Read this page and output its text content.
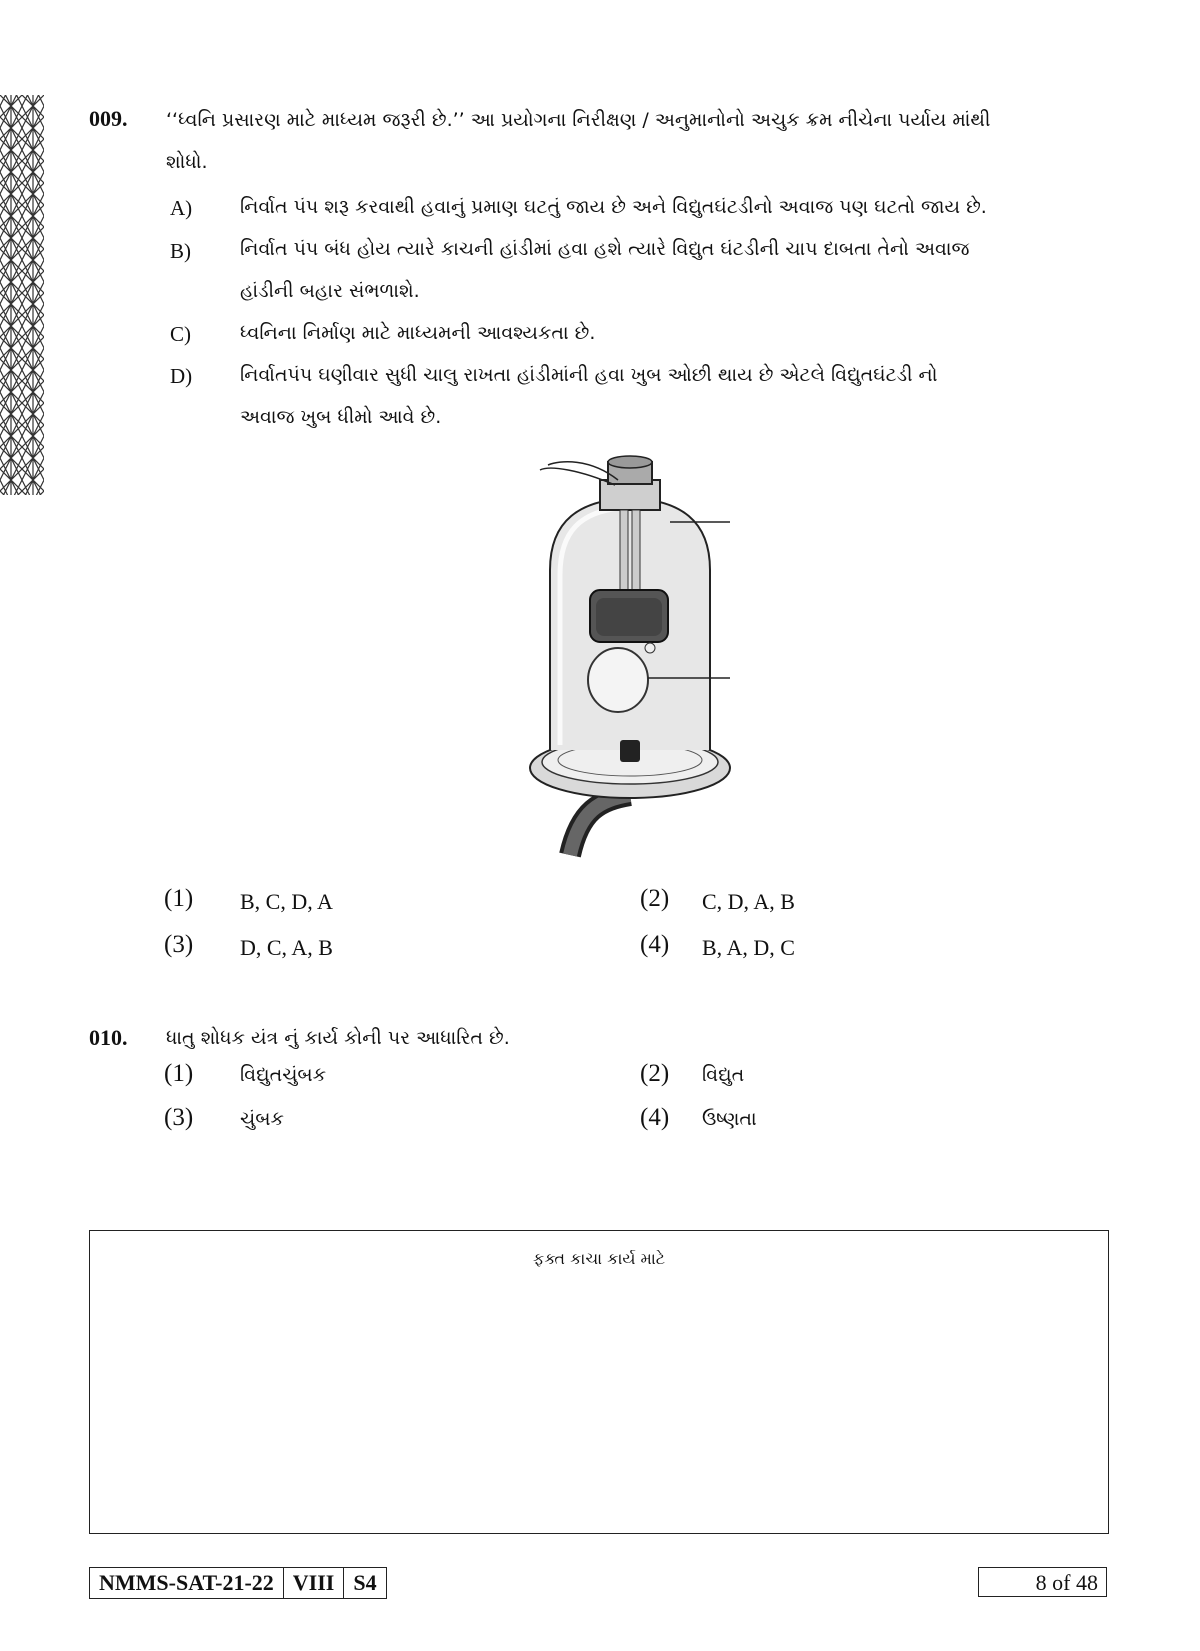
009. ‘‘ધ્વનિ પ્રસારણ માટે માધ્યમ જરૂરી છે.’’ આ પ્રયોગના નિરીક્ષણ / અનુમાનોનો અચુક ક્રમ નીચેના પર્યાય માંથી
શોધો.
A)	નિર્વાત પંપ શરૂ કરવાથી હવાનું પ્રમાણ ઘટતું જાય છે અને વિદ્યુતઘંટડીનો અવાજ પણ ઘટતો જાય છે.
B)	નિર્વાત પંપ બંધ હોય ત્યારે કાચની હાંડીમાં હવા હશે ત્યારે વિદ્યુત ઘંટડીની ચાપ દાબતા તેનો અવાજ
હાંડીની બહાર સંભળાશે.
C)	ધ્વનિના નિર્માણ માટે માધ્યમની આવશ્યકતા છે.
D)	નિર્વાતપંપ ઘણીવાર સુધી ચાલુ રાખતા હાંડીમાંની હવા ખુબ ઓછી થાય છે એટલે વિદ્યુતઘંટડી નો
અવાજ ખુબ ધીમો આવે છે.
(1) B, C, D, A	(2) C, D, A, B
(3) D, C, A, B	(4) B, A, D, C
010. ધાતુ શોધક યંત્ર નું કાર્ય કોની પર આધારિત છે.
(1) વિદ્યુતચુંબક	(2) વિદ્યુત
(3) ચુંબક	(4) ઉષ્ણતા
ફક્ત કાચા કાર્ય માટે
NMMS-SAT-21-22 VIII S4	8 of 48
